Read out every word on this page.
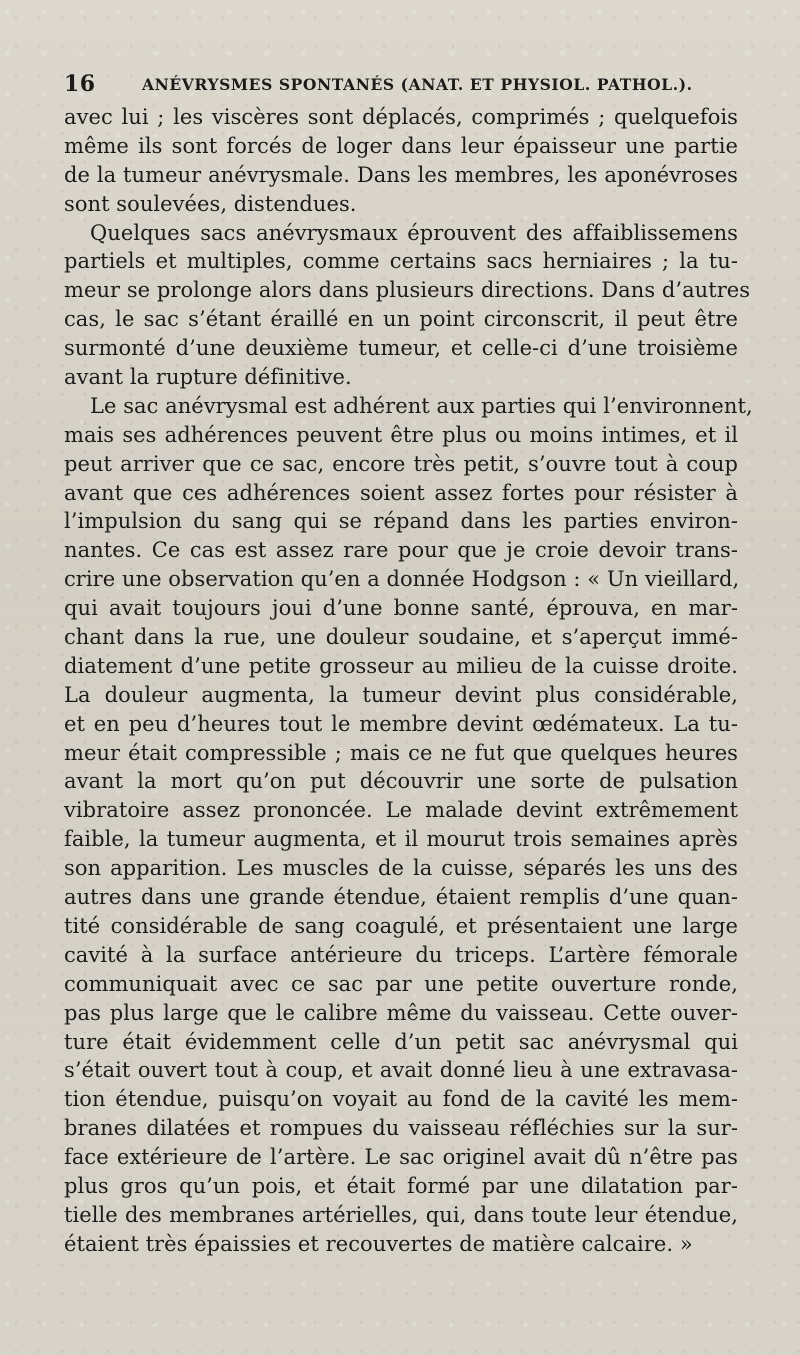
16	ANÉVRYSMES SPONTANÉS (ANAT. ET PHYSIOL. PATHOL.).
avec lui ; les viscères sont déplacés, comprimés ; quelquefois
même ils sont forcés de loger dans leur épaisseur une partie
de la tumeur anévrysmale. Dans les membres, les aponévroses
sont soulevées, distendues.
Quelques sacs anévrysmaux éprouvent des affaiblissemens
partiels et multiples, comme certains sacs herniaires ; la tu-
meur se prolonge alors dans plusieurs directions. Dans d’autres
cas, le sac s’étant éraillé en un point circonscrit, il peut être
surmonté d’une deuxième tumeur, et celle-ci d’une troisième
avant la rupture définitive.
Le sac anévrysmal est adhérent aux parties qui l’environnent,
mais ses adhérences peuvent être plus ou moins intimes, et il
peut arriver que ce sac, encore très petit, s’ouvre tout à coup
avant que ces adhérences soient assez fortes pour résister à
l’impulsion du sang qui se répand dans les parties environ-
nantes. Ce cas est assez rare pour que je croie devoir trans-
crire une observation qu’en a donnée Hodgson : « Un vieillard,
qui avait toujours joui d’une bonne santé, éprouva, en mar-
chant dans la rue, une douleur soudaine, et s’aperçut immé-
diatement d’une petite grosseur au milieu de la cuisse droite.
La douleur augmenta, la tumeur devint plus considérable,
et en peu d’heures tout le membre devint œdémateux. La tu-
meur était compressible ; mais ce ne fut que quelques heures
avant la mort qu’on put découvrir une sorte de pulsation
vibratoire assez prononcée. Le malade devint extrêmement
faible, la tumeur augmenta, et il mourut trois semaines après
son apparition. Les muscles de la cuisse, séparés les uns des
autres dans une grande étendue, étaient remplis d’une quan-
tité considérable de sang coagulé, et présentaient une large
cavité à la surface antérieure du triceps. L’artère fémorale
communiquait avec ce sac par une petite ouverture ronde,
pas plus large que le calibre même du vaisseau. Cette ouver-
ture était évidemment celle d’un petit sac anévrysmal qui
s’était ouvert tout à coup, et avait donné lieu à une extravasa-
tion étendue, puisqu’on voyait au fond de la cavité les mem-
branes dilatées et rompues du vaisseau réfléchies sur la sur-
face extérieure de l’artère. Le sac originel avait dû n’être pas
plus gros qu’un pois, et était formé par une dilatation par-
tielle des membranes artérielles, qui, dans toute leur étendue,
étaient très épaissies et recouvertes de matière calcaire. »
